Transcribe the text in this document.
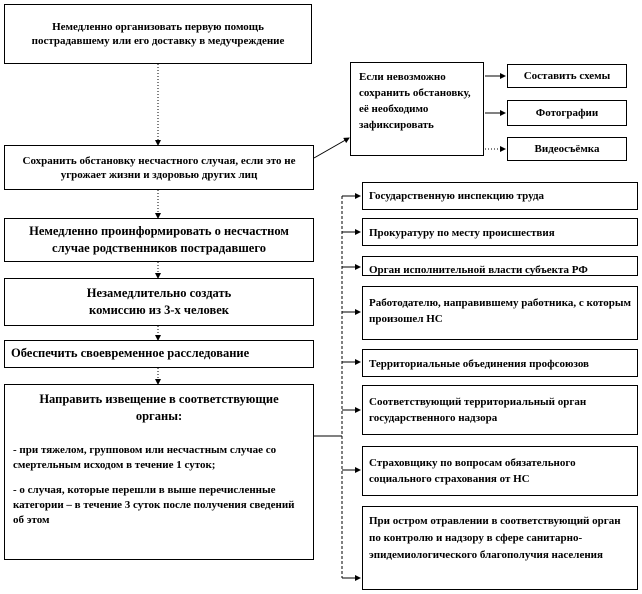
Немедленно организовать первую помощь пострадавшему или его доставку в медучреждение
Сохранить обстановку несчастного случая, если это не угрожает жизни и здоровью других лиц
Немедленно проинформировать о несчастном случае родственников пострадавшего
Незамедлительно создать комиссию из 3-х человек
Обеспечить своевременное расследование
Направить извещение в соответствующие органы:
- при тяжелом, групповом или несчастным случае со смертельным исходом в течение 1 суток;
- о случая, которые перешли в выше перечисленные категории – в течение 3 суток после получения сведений об этом
Если невозможно сохранить обстановку, её необходимо зафиксировать
Составить схемы
Фотографии
Видеосъёмка
Государственную инспекцию труда
Прокуратуру по месту происшествия
Орган исполнительной власти субъекта РФ
Работодателю, направившему работника, с которым произошел НС
Территориальные объединения профсоюзов
Соответствующий территориальный орган государственного надзора
Страховщику по вопросам обязательного социального страхования от НС
При остром отравлении в соответствующий орган по контролю и надзору в сфере санитарно-эпидемиологического благополучия населения
